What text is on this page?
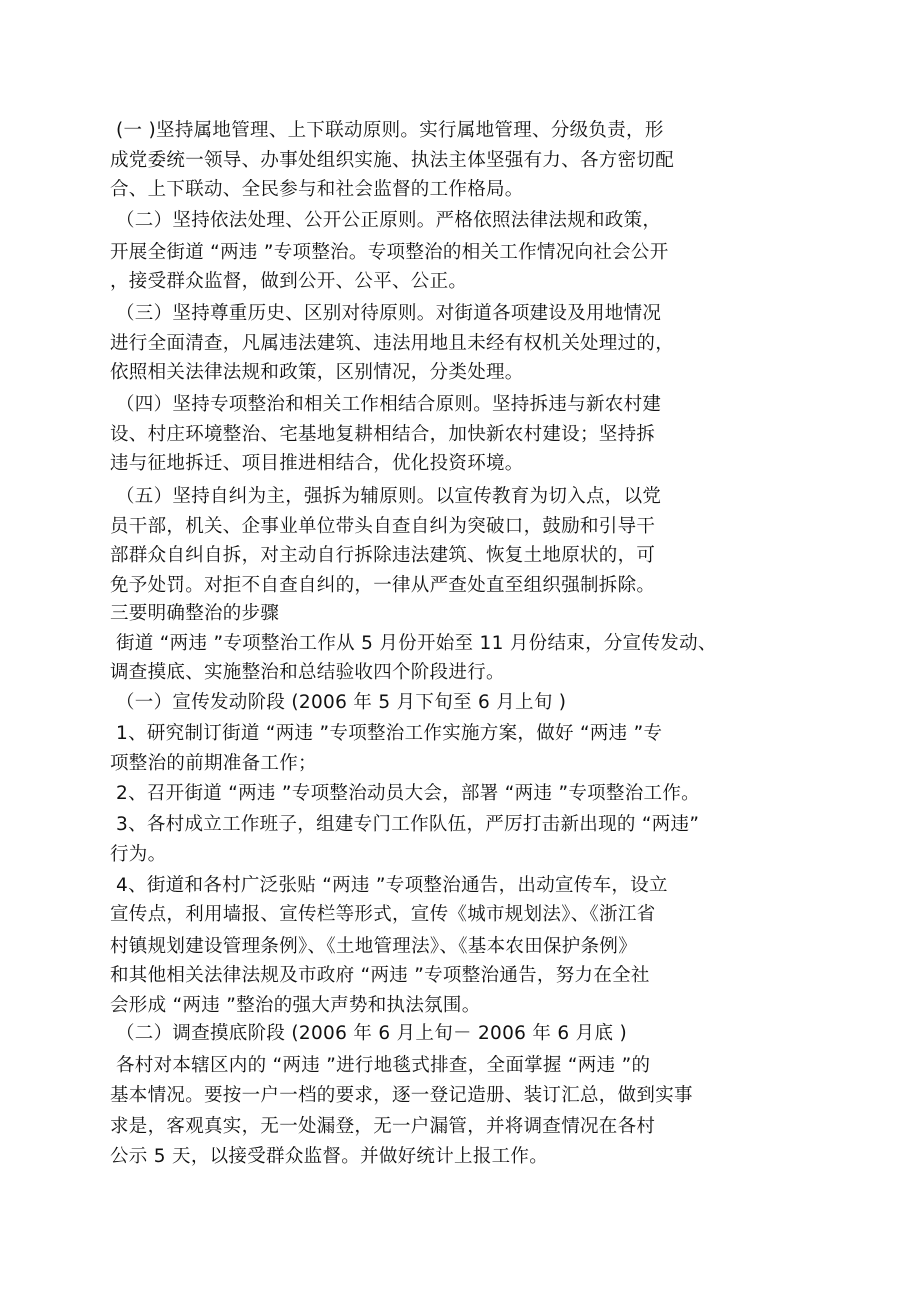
(一 )坚持属地管理、上下联动原则。实行属地管理、分级负责，形
成党委统一领导、办事处组织实施、执法主体坚强有力、各方密切配
合、上下联动、全民参与和社会监督的工作格局。
（二）坚持依法处理、公开公正原则。严格依照法律法规和政策，
开展全街道 “两违 ”专项整治。专项整治的相关工作情况向社会公开
，接受群众监督，做到公开、公平、公正。
（三）坚持尊重历史、区别对待原则。对街道各项建设及用地情况
进行全面清查，凡属违法建筑、违法用地且未经有权机关处理过的，
依照相关法律法规和政策，区别情况，分类处理。
（四）坚持专项整治和相关工作相结合原则。坚持拆违与新农村建
设、村庄环境整治、宅基地复耕相结合，加快新农村建设；坚持拆
违与征地拆迁、项目推进相结合，优化投资环境。
（五）坚持自纠为主，强拆为辅原则。以宣传教育为切入点，以党
员干部，机关、企事业单位带头自查自纠为突破口，鼓励和引导干
部群众自纠自拆，对主动自行拆除违法建筑、恢复土地原状的，可
免予处罚。对拒不自查自纠的，一律从严查处直至组织强制拆除。
三要明确整治的步骤
街道 “两违 ”专项整治工作从 5 月份开始至 11 月份结束，分宣传发动、
调查摸底、实施整治和总结验收四个阶段进行。
（一）宣传发动阶段 (2006 年 5 月下旬至 6 月上旬 )
1、研究制订街道 “两违 ”专项整治工作实施方案，做好 “两违 ”专
项整治的前期准备工作；
2、召开街道 “两违 ”专项整治动员大会，部署 “两违 ”专项整治工作。
3、各村成立工作班子，组建专门工作队伍，严厉打击新出现的 “两违”
行为。
4、街道和各村广泛张贴 “两违 ”专项整治通告，出动宣传车，设立
宣传点，利用墙报、宣传栏等形式，宣传《城市规划法》、《浙江省
村镇规划建设管理条例》、《土地管理法》、《基本农田保护条例》
和其他相关法律法规及市政府 “两违 ”专项整治通告，努力在全社
会形成 “两违 ”整治的强大声势和执法氛围。
（二）调查摸底阶段 (2006 年 6 月上旬－ 2006 年 6 月底 )
各村对本辖区内的 “两违 ”进行地毯式排查，全面掌握 “两违 ”的
基本情况。要按一户一档的要求，逐一登记造册、装订汇总，做到实事
求是，客观真实，无一处漏登，无一户漏管，并将调查情况在各村
公示 5 天，以接受群众监督。并做好统计上报工作。
